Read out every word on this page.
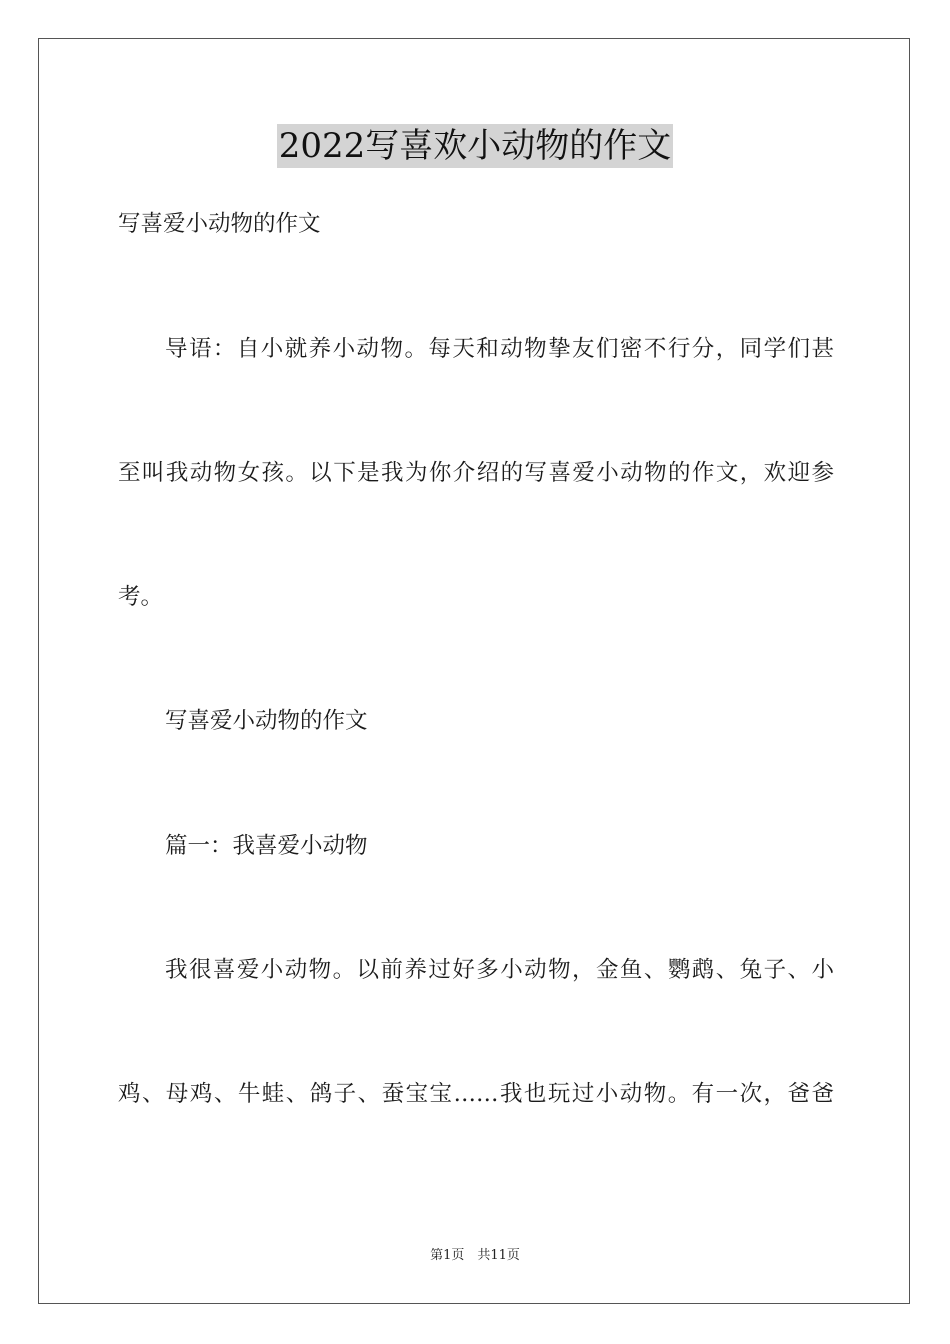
2022写喜欢小动物的作文
写喜爱小动物的作文
导语：自小就养小动物。每天和动物挚友们密不行分，同学们甚
至叫我动物女孩。以下是我为你介绍的写喜爱小动物的作文，欢迎参
考。
写喜爱小动物的作文
篇一：我喜爱小动物
我很喜爱小动物。以前养过好多小动物，金鱼、鹦鹉、兔子、小
鸡、母鸡、牛蛙、鸽子、蚕宝宝……我也玩过小动物。有一次，爸爸
第1页　共11页
